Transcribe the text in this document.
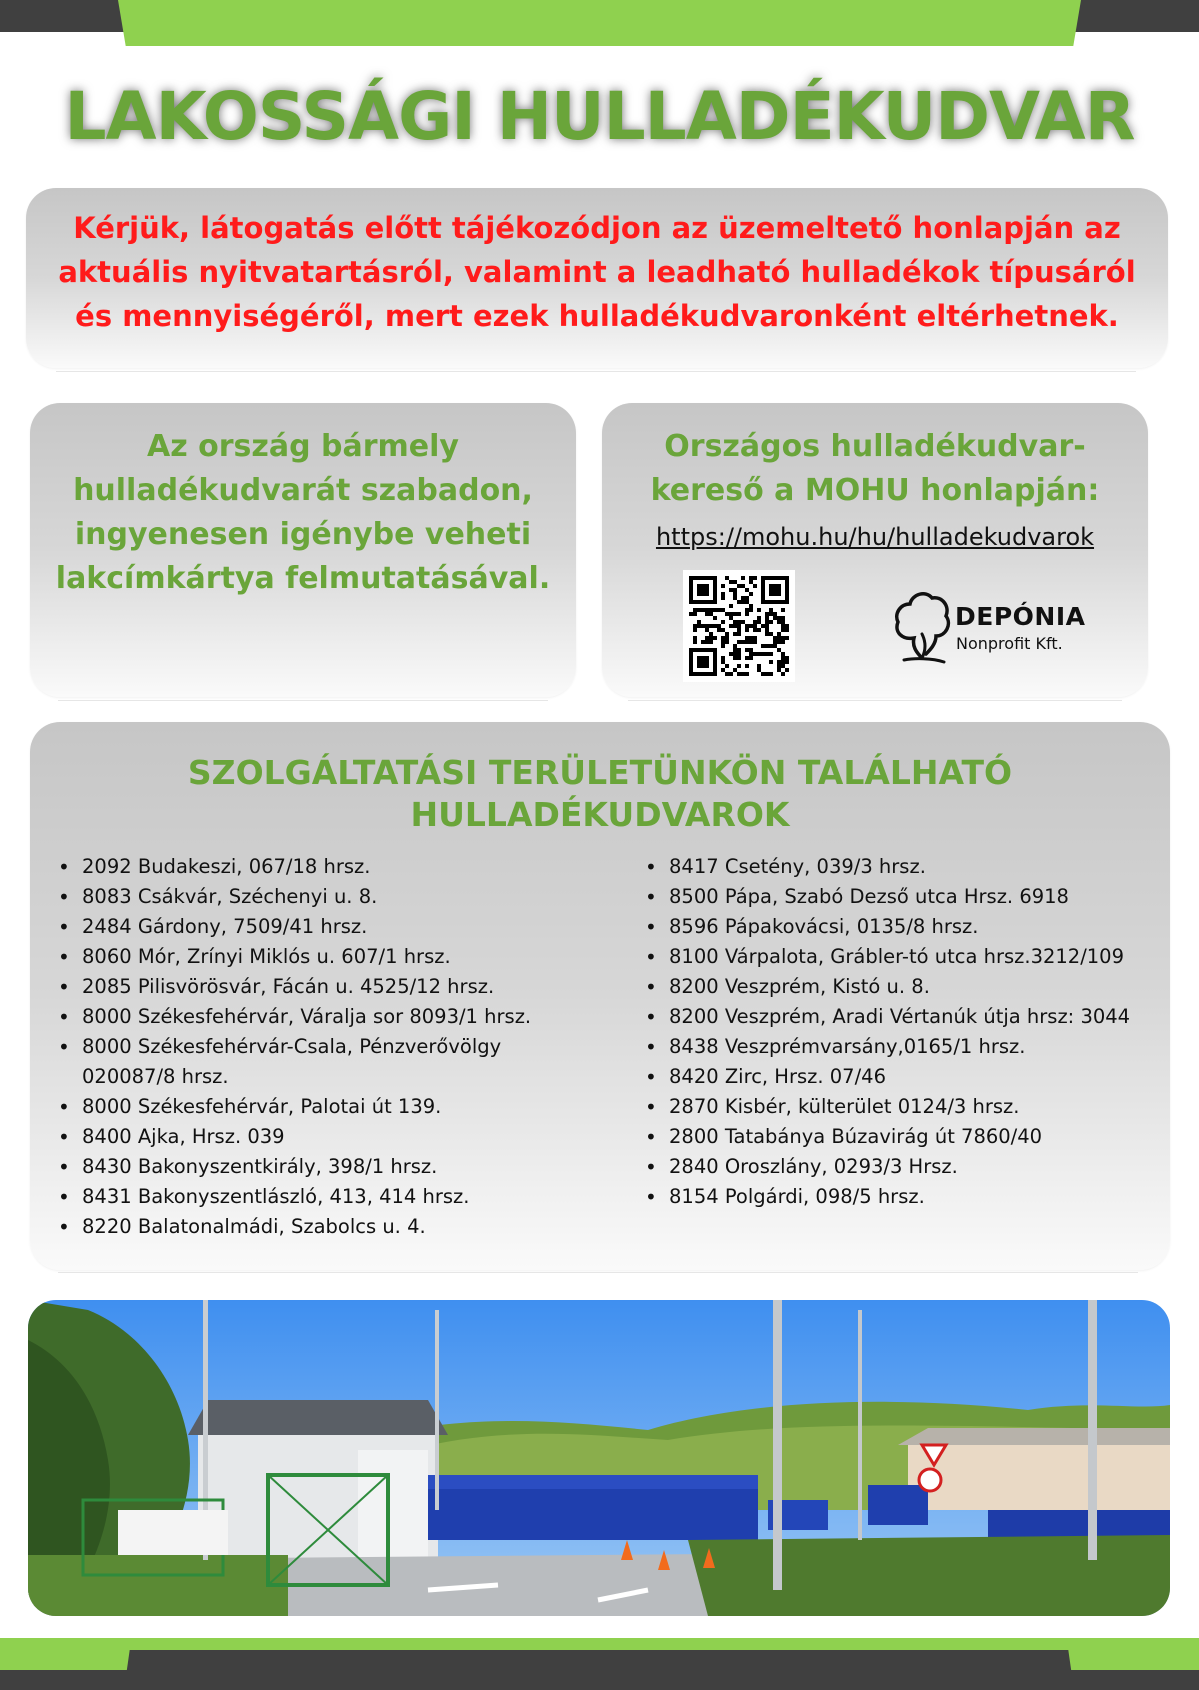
LAKOSSÁGI HULLADÉKUDVAR
Kérjük, látogatás előtt tájékozódjon az üzemeltető honlapján az aktuális nyitvatartásról, valamint a leadható hulladékok típusáról és mennyiségéről, mert ezek hulladékudvaronként eltérhetnek.
Az ország bármely hulladékudvarát szabadon, ingyenesen igénybe veheti lakcímkártya felmutatásával.
Országos hulladékudvar-kereső a MOHU honlapján:
https://mohu.hu/hu/hulladekudvarok
DEPÓNIA
Nonprofit Kft.
SZOLGÁLTATÁSI TERÜLETÜNKÖN TALÁLHATÓ HULLADÉKUDVAROK
• 2092 Budakeszi, 067/18 hrsz.
• 8083 Csákvár, Széchenyi u. 8.
• 2484 Gárdony, 7509/41 hrsz.
• 8060 Mór, Zrínyi Miklós u. 607/1 hrsz.
• 2085 Pilisvörösvár, Fácán u. 4525/12 hrsz.
• 8000 Székesfehérvár, Váralja sor 8093/1 hrsz.
• 8000 Székesfehérvár-Csala, Pénzverővölgy 020087/8 hrsz.
• 8000 Székesfehérvár, Palotai út 139.
• 8400 Ajka, Hrsz. 039
• 8430 Bakonyszentkirály, 398/1 hrsz.
• 8431 Bakonyszentlászló, 413, 414 hrsz.
• 8220 Balatonalmádi, Szabolcs u. 4.
• 8417 Csetény, 039/3 hrsz.
• 8500 Pápa, Szabó Dezső utca Hrsz. 6918
• 8596 Pápakovácsi, 0135/8 hrsz.
• 8100 Várpalota, Grábler-tó utca hrsz.3212/109
• 8200 Veszprém, Kistó u. 8.
• 8200 Veszprém, Aradi Vértanúk útja hrsz: 3044
• 8438 Veszprémvarsány,0165/1 hrsz.
• 8420 Zirc, Hrsz. 07/46
• 2870 Kisbér, külterület 0124/3 hrsz.
• 2800 Tatabánya Búzavirág út 7860/40
• 2840 Oroszlány, 0293/3 Hrsz.
• 8154 Polgárdi, 098/5 hrsz.
